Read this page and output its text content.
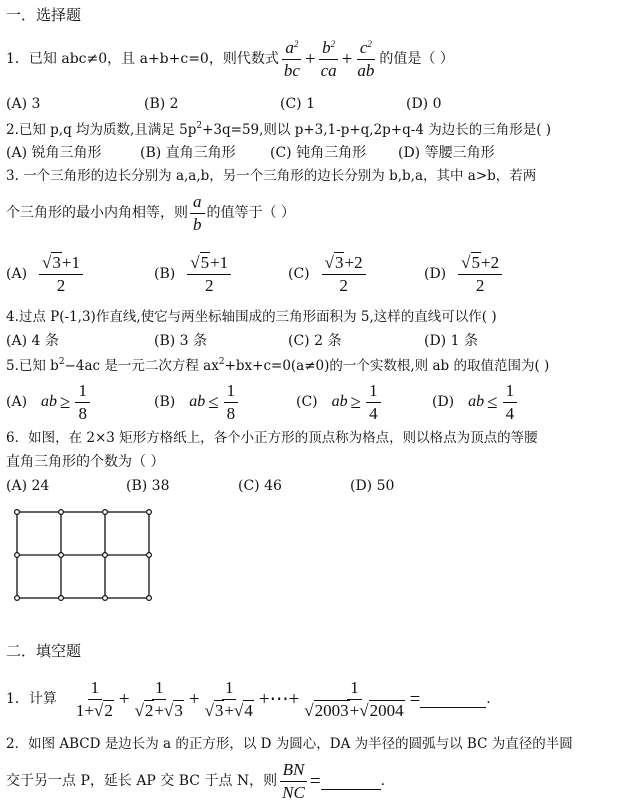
一．选择题
1．已知 abc≠0，且 a+b+c=0，则代数式
$a^2$
bc
+ $\frac{b^2}{ca} + \frac{c^2}{ab}$ 的值是（ ）
(A) 3	(B) 2	(C) 1	(D) 0
2.已知 p,q 均为质数,且满足 $5p^2+3q=59$,则以 p+3,1-p+q,2p+q-4 为边长的三角形是( )
(A) 锐角三角形	(B) 直角三角形 (C) 钝角三角形 (D) 等腰三角形
3. 一个三角形的边长分别为 a,a,b，另一个三角形的边长分别为 b,b,a，其中 a>b，若两
个三角形的最小内角相等，则
a
b
的值等于（ ）
(A)
√3+1
2
(B)
√5+1
2
(C)
√3+2
2
(D)
√5+2
2
4.过点 P(-1,3)作直线,使它与两坐标轴围成的三角形面积为 5,这样的直线可以作( )
(A) 4 条	(B) 3 条	(C) 2 条	(D) 1 条
5.已知 $b^2-4ac$ 是一元二次方程 $ax^2+bx+c=0(a\ne 0)$的一个实数根,则 ab 的取值范围为( )
(A) ab ≥ $\frac{1}{8}$	(B) ab ≤ $\frac{1}{8}$	(C) ab ≥ $\frac{1}{4}$	(D) ab ≤ $\frac{1}{4}$
6．如图，在 2×3 矩形方格纸上，各个小正方形的顶点称为格点，则以格点为顶点的等腰
直角三角形的个数为（ ）
(A) 24	(B) 38	(C) 46	(D) 50
二．填空题
1．计算
1
1+√2
+ $\frac{1}{√2+√3} + \frac{1}{√3+√4}$ +⋯+ $\frac{1}{√2003+√2004}$ =	.
2．如图 ABCD 是边长为 a 的正方形，以 D 为圆心，DA 为半径的圆弧与以 BC 为直径的半圆
交于另一点 P，延长 AP 交 BC 于点 N，则 $\frac{BN}{NC}$ =	.
